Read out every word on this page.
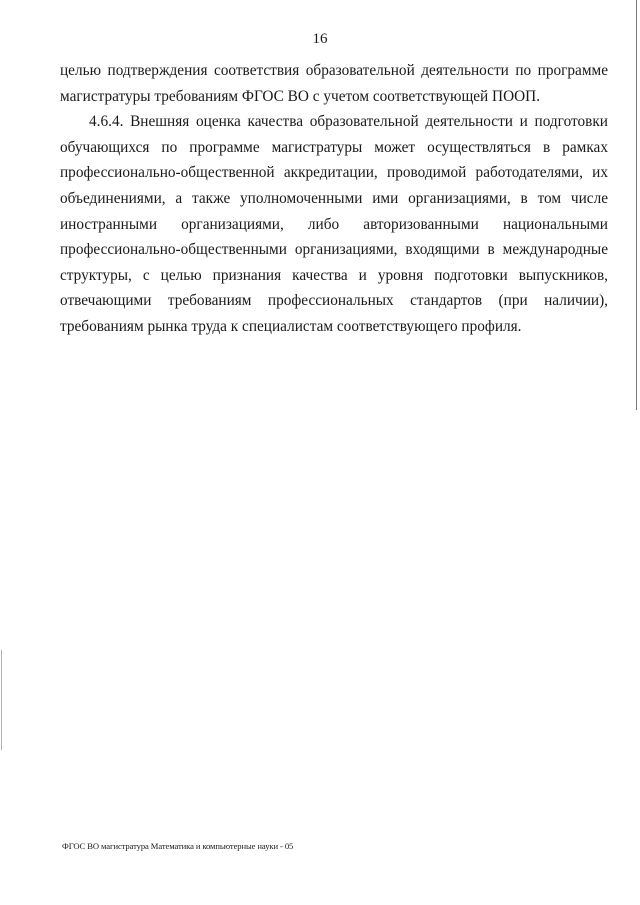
16

целью подтверждения соответствия образовательной деятельности по программе магистратуры требованиям ФГОС ВО с учетом соответствующей ПООП.

4.6.4. Внешняя оценка качества образовательной деятельности и подготовки обучающихся по программе магистратуры может осуществляться в рамках профессионально-общественной аккредитации, проводимой работодателями, их объединениями, а также уполномоченными ими организациями, в том числе иностранными организациями, либо авторизованными национальными профессионально-общественными организациями, входящими в международные структуры, с целью признания качества и уровня подготовки выпускников, отвечающими требованиям профессиональных стандартов (при наличии), требованиям рынка труда к специалистам соответствующего профиля.

ФГОС ВО магистратура Математика и компьютерные науки - 05
